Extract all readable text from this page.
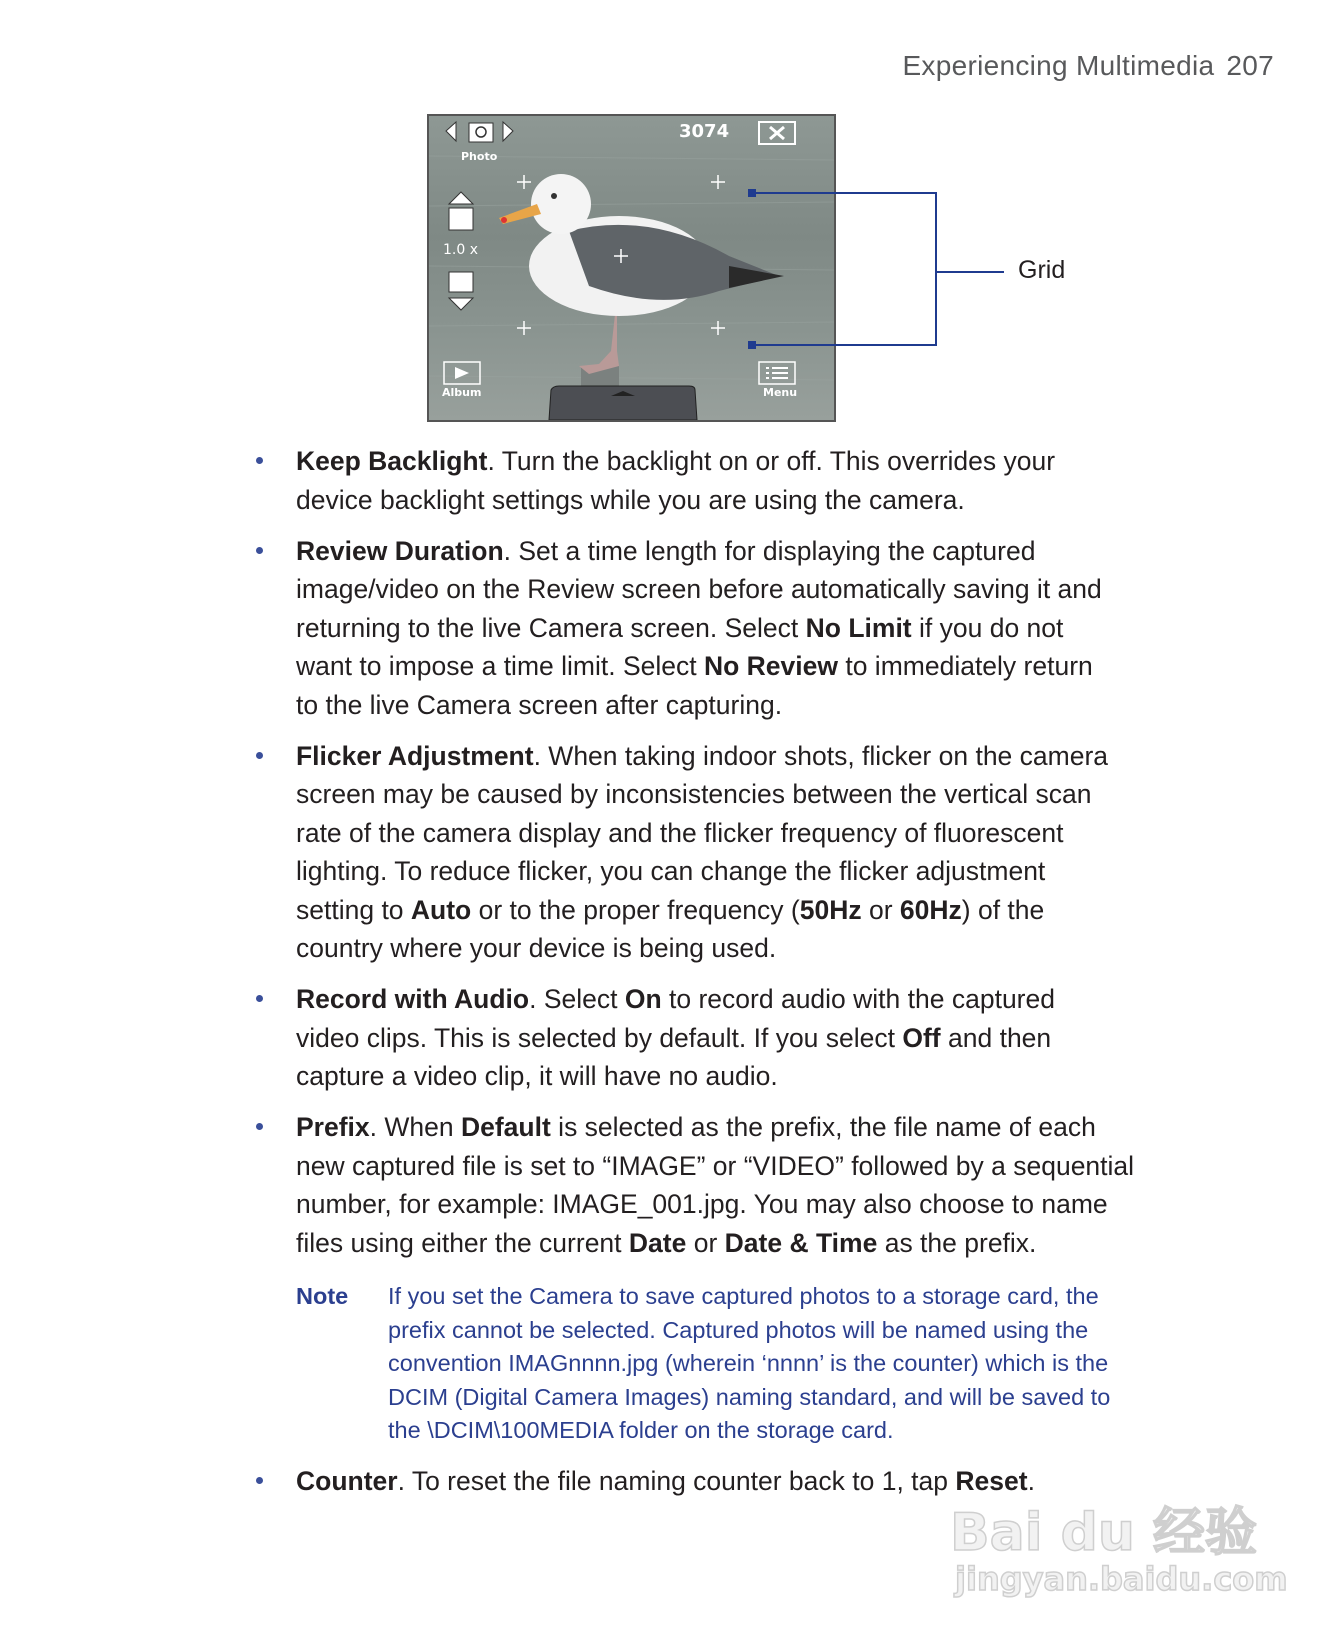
Experiencing Multimedia 207
Photo
3074
1.0 x
Album	Menu
Grid
Keep Backlight. Turn the backlight on or off. This overrides your
device backlight settings while you are using the camera.
Review Duration. Set a time length for displaying the captured
image/video on the Review screen before automatically saving it and
returning to the live Camera screen. Select No Limit if you do not
want to impose a time limit. Select No Review to immediately return
to the live Camera screen after capturing.
Flicker Adjustment. When taking indoor shots, flicker on the camera
screen may be caused by inconsistencies between the vertical scan
rate of the camera display and the flicker frequency of fluorescent
lighting. To reduce flicker, you can change the flicker adjustment
setting to Auto or to the proper frequency (50Hz or 60Hz) of the
country where your device is being used.
Record with Audio. Select On to record audio with the captured
video clips. This is selected by default. If you select Off and then
capture a video clip, it will have no audio.
Prefix. When Default is selected as the prefix, the file name of each
new captured file is set to “IMAGE” or “VIDEO” followed by a sequential
number, for example: IMAGE_001.jpg. You may also choose to name
files using either the current Date or Date & Time as the prefix.
Note If you set the Camera to save captured photos to a storage card, the
prefix cannot be selected. Captured photos will be named using the
convention IMAGnnnn.jpg (wherein ‘nnnn’ is the counter) which is the
DCIM (Digital Camera Images) naming standard, and will be saved to
the \DCIM\100MEDIA folder on the storage card.
Counter. To reset the file naming counter back to 1, tap Reset.
Bai du 经验
jingyan.baidu.com
